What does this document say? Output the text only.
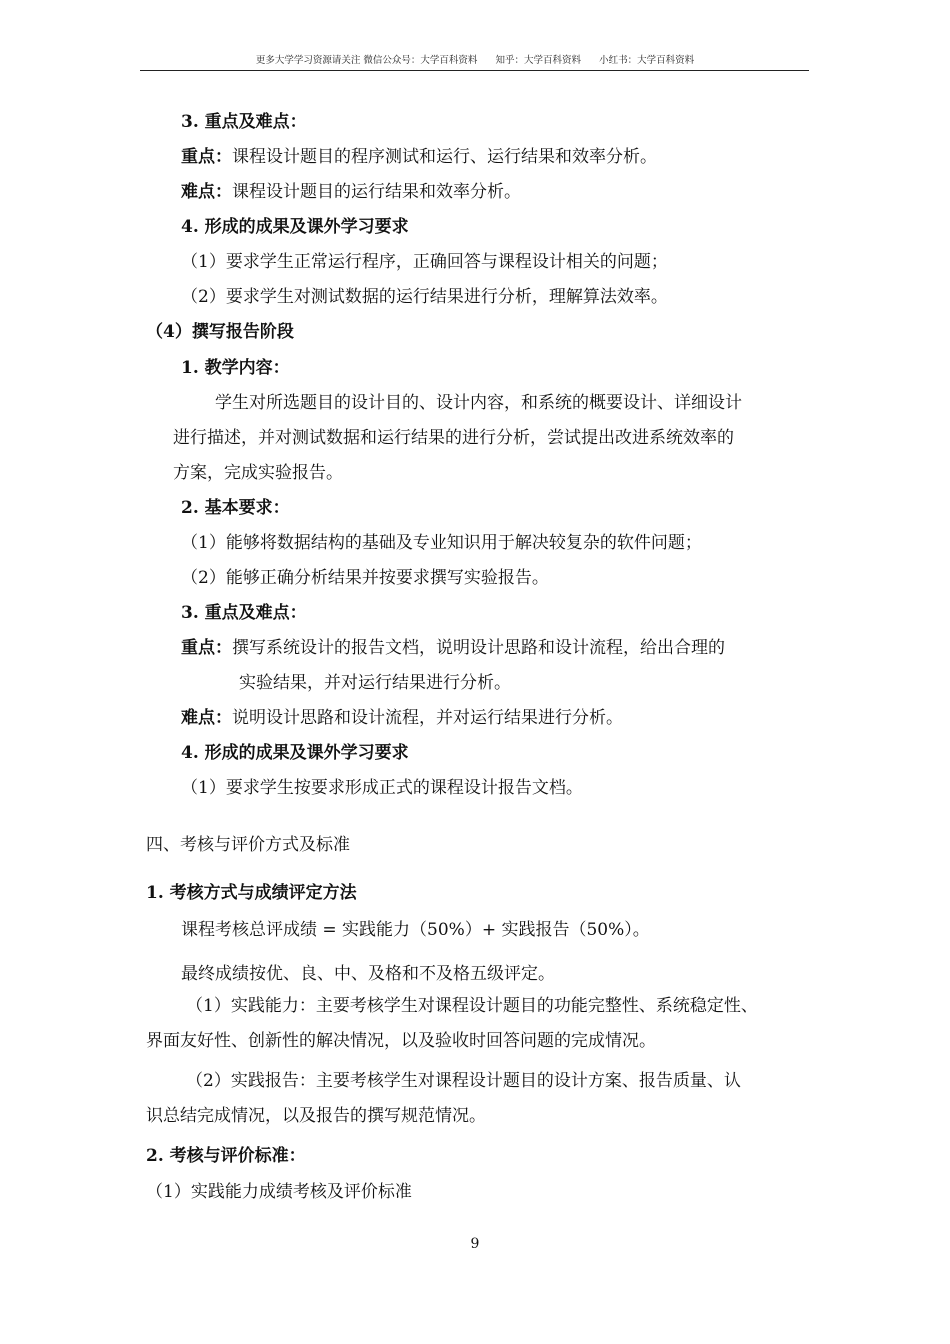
更多大学学习资源请关注 微信公众号：大学百科资料      知乎：大学百科资料      小红书：大学百科资料
3. 重点及难点：
重点：课程设计题目的程序测试和运行、运行结果和效率分析。
难点：课程设计题目的运行结果和效率分析。
4. 形成的成果及课外学习要求
（1）要求学生正常运行程序，正确回答与课程设计相关的问题；
（2）要求学生对测试数据的运行结果进行分析，理解算法效率。
（4）撰写报告阶段
1. 教学内容：
学生对所选题目的设计目的、设计内容，和系统的概要设计、详细设计
进行描述，并对测试数据和运行结果的进行分析，尝试提出改进系统效率的
方案，完成实验报告。
2. 基本要求：
（1）能够将数据结构的基础及专业知识用于解决较复杂的软件问题；
（2）能够正确分析结果并按要求撰写实验报告。
3. 重点及难点：
重点：撰写系统设计的报告文档，说明设计思路和设计流程，给出合理的
实验结果，并对运行结果进行分析。
难点：说明设计思路和设计流程，并对运行结果进行分析。
4. 形成的成果及课外学习要求
（1）要求学生按要求形成正式的课程设计报告文档。
四、考核与评价方式及标准
1. 考核方式与成绩评定方法
课程考核总评成绩 = 实践能力（50%）+ 实践报告（50%）。
最终成绩按优、良、中、及格和不及格五级评定。
（1）实践能力：主要考核学生对课程设计题目的功能完整性、系统稳定性、
界面友好性、创新性的解决情况，以及验收时回答问题的完成情况。
（2）实践报告：主要考核学生对课程设计题目的设计方案、报告质量、认
识总结完成情况，以及报告的撰写规范情况。
2. 考核与评价标准：
（1）实践能力成绩考核及评价标准
9
